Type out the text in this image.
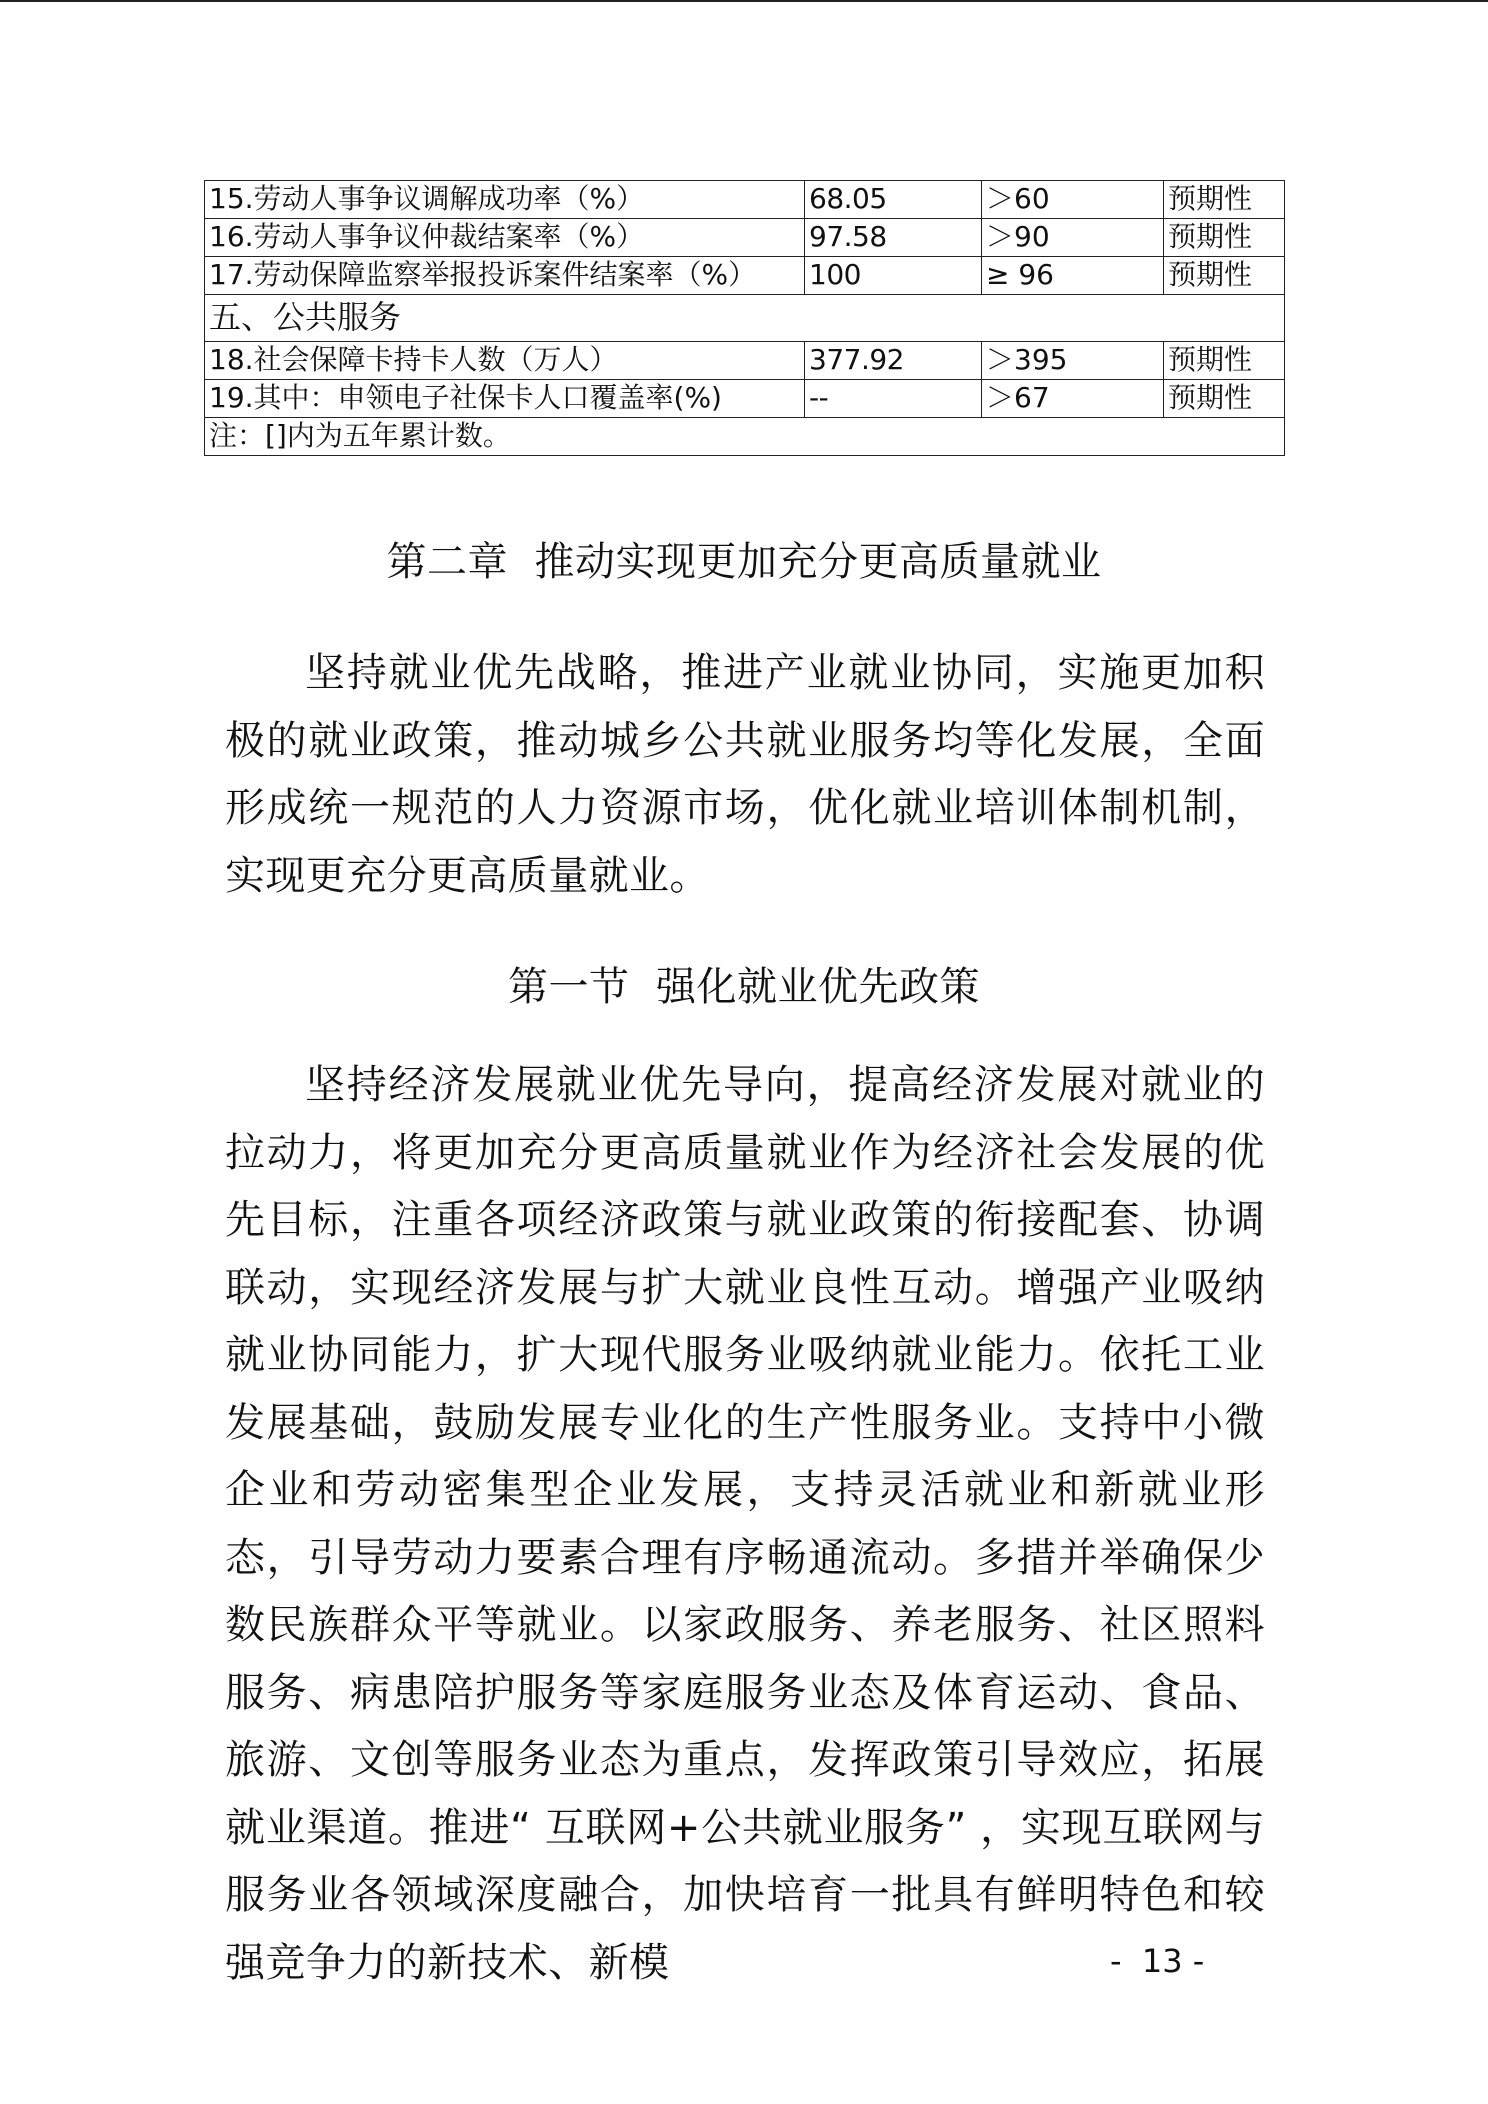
15.劳动人事争议调解成功率（%）	68.05	＞60	预期性
16.劳动人事争议仲裁结案率（%）	97.58	＞90	预期性
17.劳动保障监察举报投诉案件结案率（%）	100	≥ 96	预期性
五、公共服务			
18.社会保障卡持卡人数（万人）	377.92	＞395	预期性
19.其中：申领电子社保卡人口覆盖率(%)	--	＞67	预期性
注：[]内为五年累计数。			
第二章  推动实现更加充分更高质量就业

坚持就业优先战略，推进产业就业协同，实施更加积极的就业政策，推动城乡公共就业服务均等化发展，全面形成统一规范的人力资源市场，优化就业培训体制机制，实现更充分更高质量就业。

第一节  强化就业优先政策

坚持经济发展就业优先导向，提高经济发展对就业的拉动力，将更加充分更高质量就业作为经济社会发展的优先目标，注重各项经济政策与就业政策的衔接配套、协调联动，实现经济发展与扩大就业良性互动。增强产业吸纳就业协同能力，扩大现代服务业吸纳就业能力。依托工业发展基础，鼓励发展专业化的生产性服务业。支持中小微企业和劳动密集型企业发展，支持灵活就业和新就业形态，引导劳动力要素合理有序畅通流动。多措并举确保少数民族群众平等就业。以家政服务、养老服务、社区照料服务、病患陪护服务等家庭服务业态及体育运动、食品、旅游、文创等服务业态为重点，发挥政策引导效应，拓展就业渠道。推进“ 互联网+公共就业服务” ，实现互联网与服务业各领域深度融合，加快培育一批具有鲜明特色和较强竞争力的新技术、新模	-  13 -
